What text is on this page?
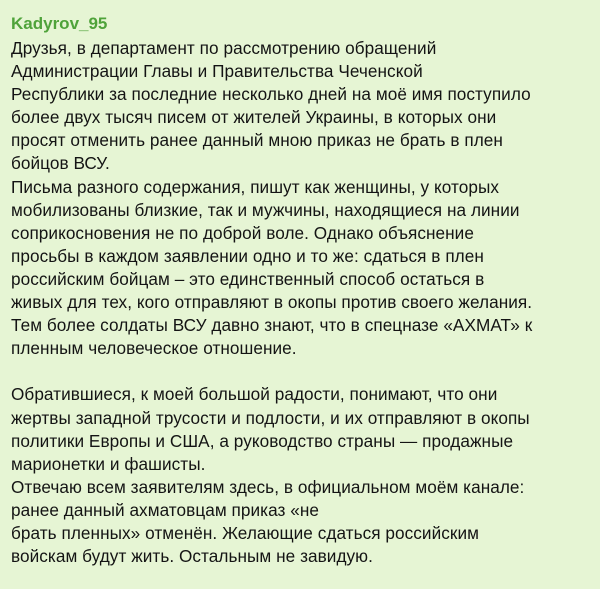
Kadyrov_95

Друзья, в департамент по рассмотрению обращений
Администрации Главы и Правительства Чеченской
Республики за последние несколько дней на моё имя поступило
более двух тысяч писем от жителей Украины, в которых они
просят отменить ранее данный мною приказ не брать в плен
бойцов ВСУ.
Письма разного содержания, пишут как женщины, у которых
мобилизованы близкие, так и мужчины, находящиеся на линии
соприкосновения не по доброй воле. Однако объяснение
просьбы в каждом заявлении одно и то же: сдаться в плен
российским бойцам – это единственный способ остаться в
живых для тех, кого отправляют в окопы против своего желания.
Тем более солдаты ВСУ давно знают, что в спецназе «АХМАТ» к
пленным человеческое отношение.

Обратившиеся, к моей большой радости, понимают, что они
жертвы западной трусости и подлости, и их отправляют в окопы
политики Европы и США, а руководство страны — продажные
марионетки и фашисты.
Отвечаю всем заявителям здесь, в официальном моём канале:
ранее данный ахматовцам приказ «не
брать пленных» отменён. Желающие сдаться российским
войскам будут жить. Остальным не завидую.
